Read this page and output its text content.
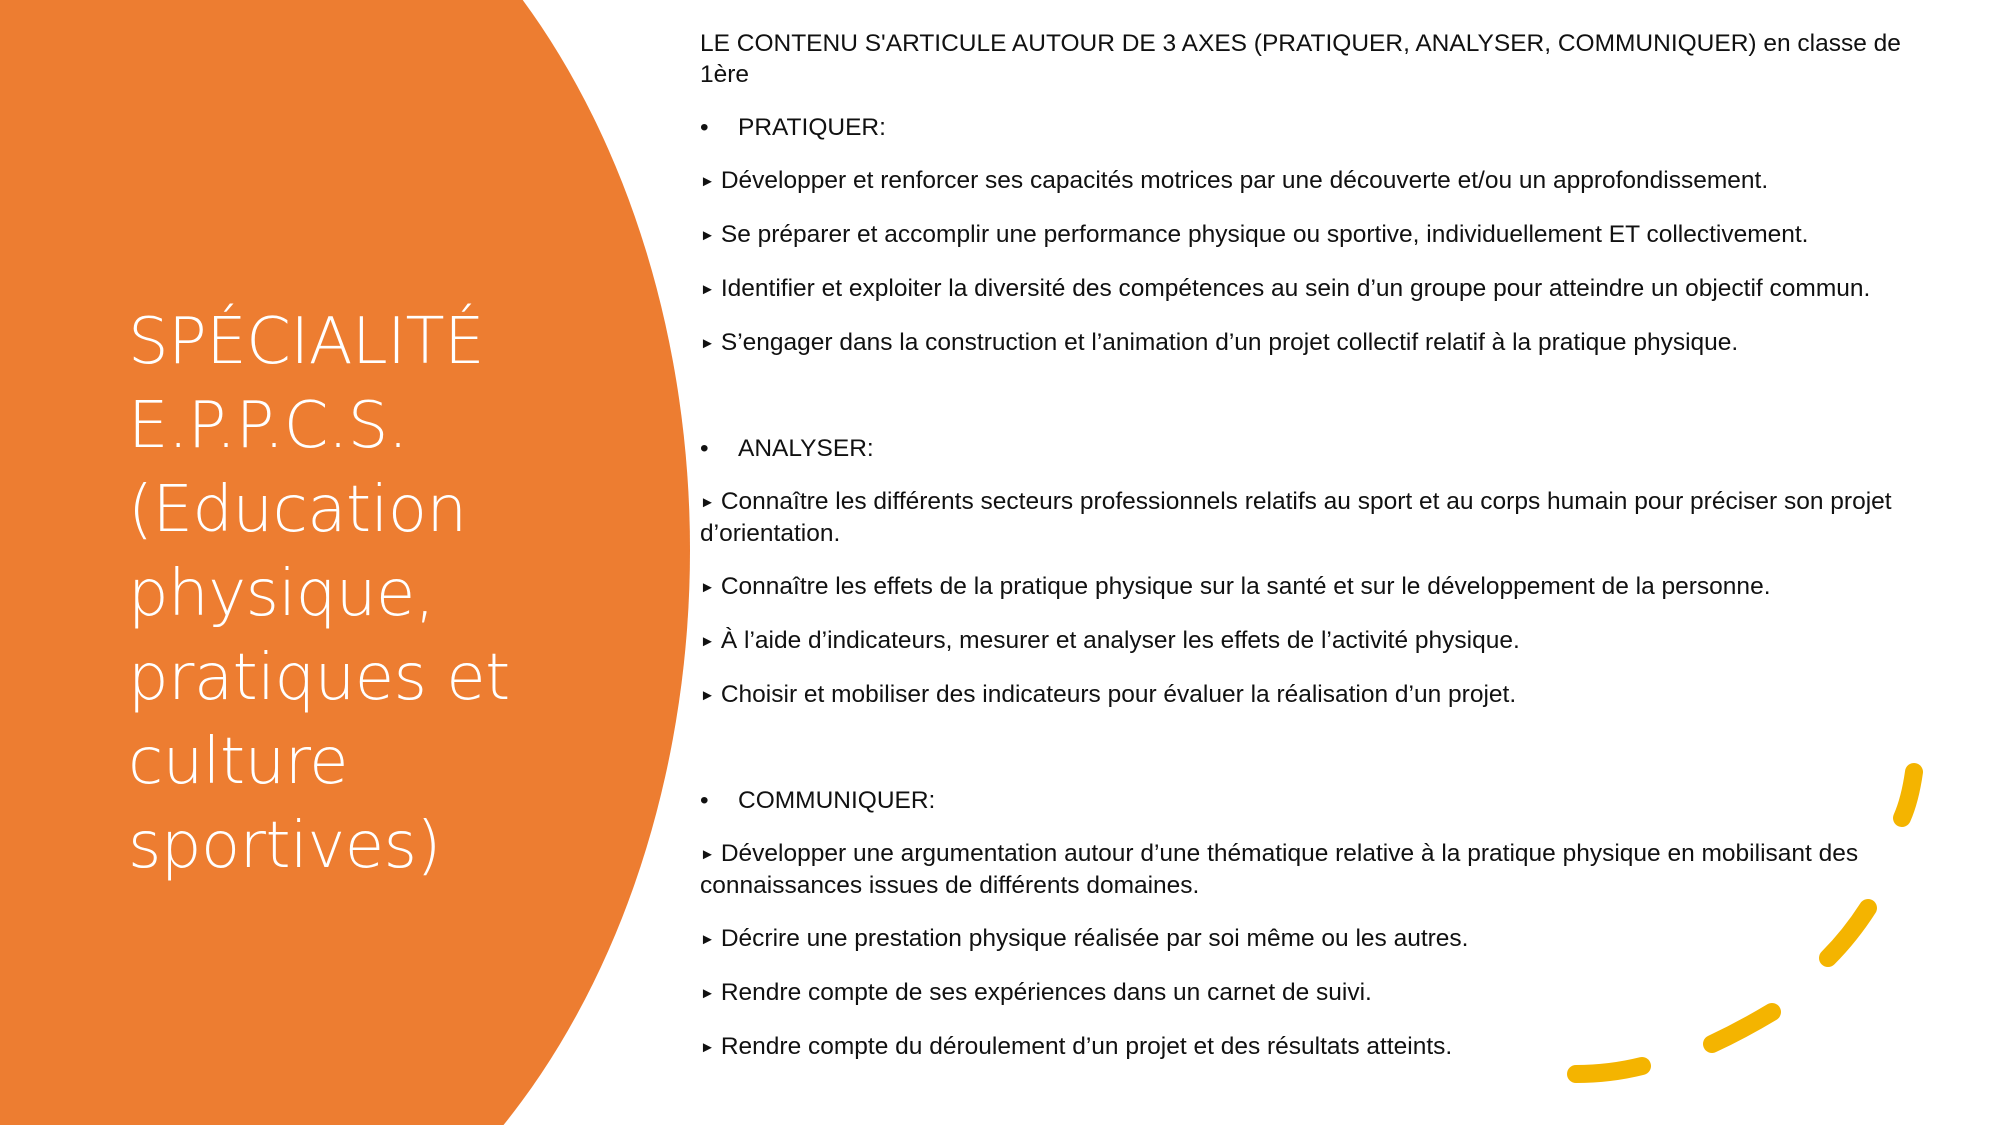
SPÉCIALITÉ
E.P.P.C.S.
(Education
physique,
pratiques et
culture
sportives)

LE CONTENU S'ARTICULE AUTOUR DE 3 AXES (PRATIQUER, ANALYSER, COMMUNIQUER) en classe de 1ère

•	PRATIQUER:

► Développer et renforcer ses capacités motrices par une découverte et/ou un approfondissement.

► Se préparer et accomplir une performance physique ou sportive, individuellement ET collectivement.

► Identifier et exploiter la diversité des compétences au sein d’un groupe pour atteindre un objectif commun.

► S’engager dans la construction et l’animation d’un projet collectif relatif à la pratique physique.

•	ANALYSER:

► Connaître les différents secteurs professionnels relatifs au sport et au corps humain pour préciser son projet d’orientation.

► Connaître les effets de la pratique physique sur la santé et sur le développement de la personne.

► À l’aide d’indicateurs, mesurer et analyser les effets de l’activité physique.

► Choisir et mobiliser des indicateurs pour évaluer la réalisation d’un projet.

•	COMMUNIQUER:

► Développer une argumentation autour d’une thématique relative à la pratique physique en mobilisant des connaissances issues de différents domaines.

► Décrire une prestation physique réalisée par soi même ou les autres.

► Rendre compte de ses expériences dans un carnet de suivi.

► Rendre compte du déroulement d’un projet et des résultats atteints.
